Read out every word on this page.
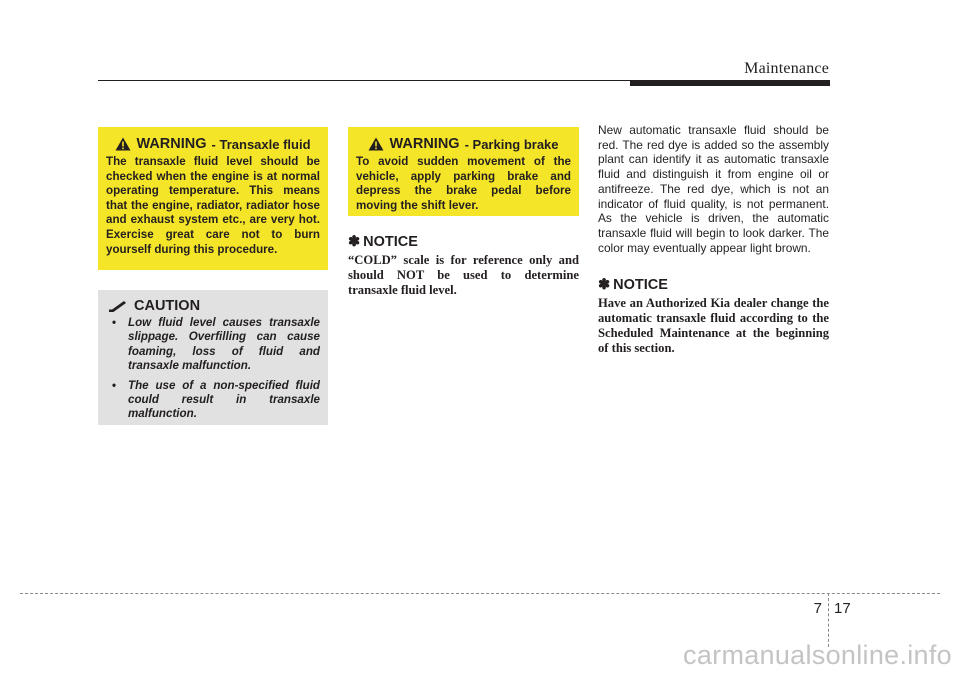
Maintenance
WARNING - Transaxle fluid
The transaxle fluid level should be checked when the engine is at normal operating temperature. This means that the engine, radiator, radiator hose and exhaust system etc., are very hot. Exercise great care not to burn yourself during this procedure.
CAUTION
• Low fluid level causes transaxle slippage. Overfilling can cause foaming, loss of fluid and transaxle malfunction.
• The use of a non-specified fluid could result in transaxle malfunction.
WARNING - Parking brake
To avoid sudden movement of the vehicle, apply parking brake and depress the brake pedal before moving the shift lever.
✽ NOTICE
“COLD” scale is for reference only and should NOT be used to determine transaxle fluid level.
New automatic transaxle fluid should be red. The red dye is added so the assembly plant can identify it as automatic transaxle fluid and distinguish it from engine oil or antifreeze. The red dye, which is not an indicator of fluid quality, is not permanent. As the vehicle is driven, the automatic transaxle fluid will begin to look darker. The color may eventually appear light brown.
✽ NOTICE
Have an Authorized Kia dealer change the automatic transaxle fluid according to the Scheduled Maintenance at the beginning of this section.
7 17
carmanualsonline.info
